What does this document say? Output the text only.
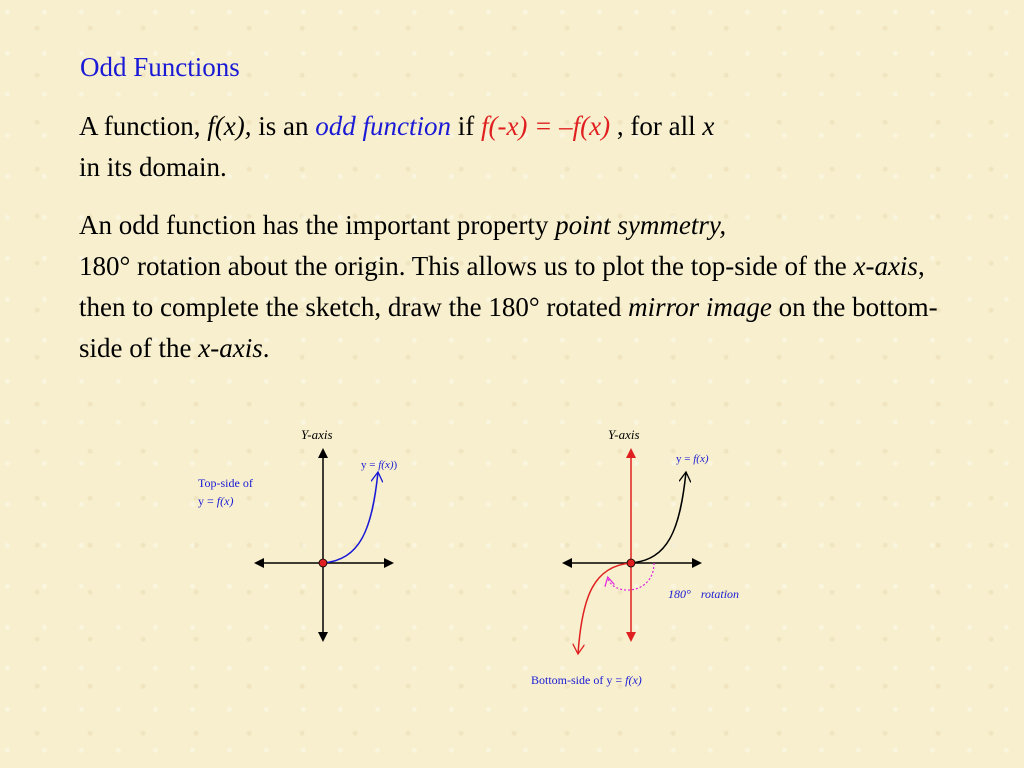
Odd Functions
A function, f(x), is an odd function if f(-x) = –f(x) , for all x
in its domain.
An odd function has the important property point symmetry,
180° rotation about the origin. This allows us to plot the top-side of the x-axis, then to complete the sketch, draw the 180° rotated mirror image on the bottom-side of the x-axis.
Y-axis
y = f(x))
Top-side of
y = f(x)
Y-axis
y = f(x)
180° rotation
Bottom-side of y = f(x)
